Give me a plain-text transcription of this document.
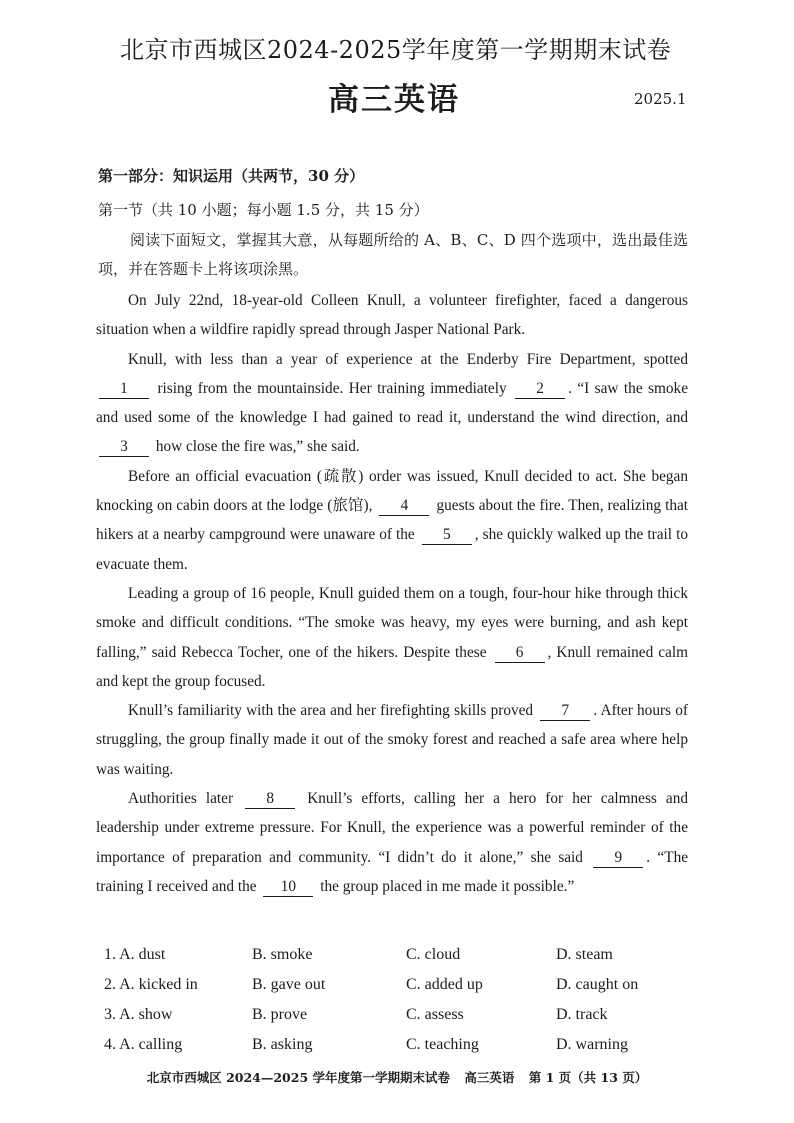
北京市西城区2024-2025学年度第一学期期末试卷
高三英语	2025.1
第一部分：知识运用（共两节，30 分）
第一节（共 10 小题；每小题 1.5 分，共 15 分）
阅读下面短文，掌握其大意，从每题所给的 A、B、C、D 四个选项中，选出最佳选项，并在答题卡上将该项涂黑。

On July 22nd, 18-year-old Colleen Knull, a volunteer firefighter, faced a dangerous situation when a wildfire rapidly spread through Jasper National Park.

Knull, with less than a year of experience at the Enderby Fire Department, spotted 1 rising from the mountainside. Her training immediately 2 . “I saw the smoke and used some of the knowledge I had gained to read it, understand the wind direction, and 3 how close the fire was,” she said.

Before an official evacuation (疏散) order was issued, Knull decided to act. She began knocking on cabin doors at the lodge (旅馆), 4 guests about the fire. Then, realizing that hikers at a nearby campground were unaware of the 5 , she quickly walked up the trail to evacuate them.

Leading a group of 16 people, Knull guided them on a tough, four-hour hike through thick smoke and difficult conditions. “The smoke was heavy, my eyes were burning, and ash kept falling,” said Rebecca Tocher, one of the hikers. Despite these 6 , Knull remained calm and kept the group focused.

Knull’s familiarity with the area and her firefighting skills proved 7 . After hours of struggling, the group finally made it out of the smoky forest and reached a safe area where help was waiting.

Authorities later 8 Knull’s efforts, calling her a hero for her calmness and leadership under extreme pressure. For Knull, the experience was a powerful reminder of the importance of preparation and community. “I didn’t do it alone,” she said 9 . “The training I received and the 10 the group placed in me made it possible.”

1. A. dust	B. smoke	C. cloud	D. steam
2. A. kicked in	B. gave out	C. added up	D. caught on
3. A. show	B. prove	C. assess	D. track
4. A. calling	B. asking	C. teaching	D. warning
北京市西城区 2024—2025 学年度第一学期期末试卷 高三英语 第 1 页（共 13 页）
